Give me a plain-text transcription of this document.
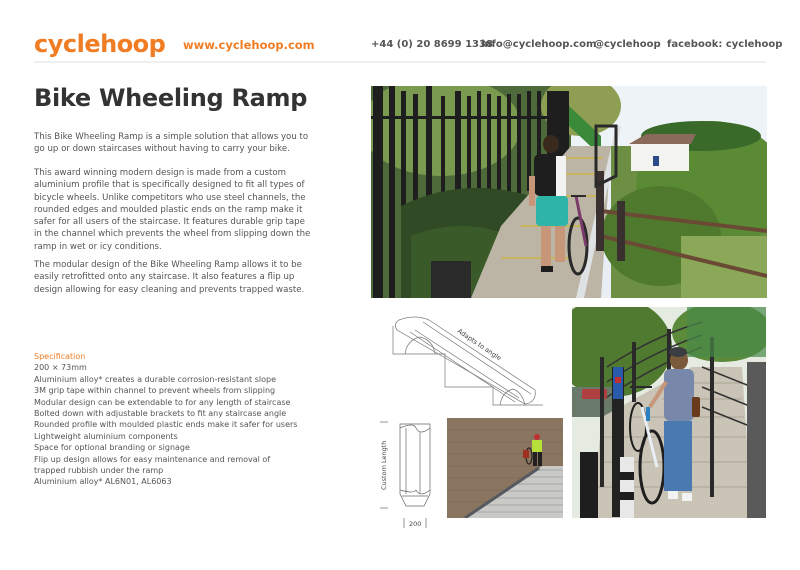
cyclehoop www.cyclehoop.com	+44 (0) 20 8699 1338
info@cyclehoop.com
@cyclehoop facebook: cyclehoop
Bike Wheeling Ramp

This Bike Wheeling Ramp is a simple solution that allows you to go up or down staircases without having to carry your bike.

This award winning modern design is made from a custom aluminium profile that is specifically designed to fit all types of bicycle wheels. Unlike competitors who use steel channels, the rounded edges and moulded plastic ends on the ramp make it safer for all users of the staircase. It features durable grip tape in the channel which prevents the wheel from slipping down the ramp in wet or icy conditions.

The modular design of the Bike Wheeling Ramp allows it to be easily retrofitted onto any staircase. It also features a flip up design allowing for easy cleaning and prevents trapped waste.

Specification
200 × 73mm
Aluminium alloy* creates a durable corrosion-resistant slope
3M grip tape within channel to prevent wheels from slipping
Modular design can be extendable to for any length of staircase
Bolted down with adjustable brackets to fit any staircase angle
Rounded profile with moulded plastic ends make it safer for users
Lightweight aluminium components
Space for optional branding or signage
Flip up design allows for easy maintenance and removal of trapped rubbish under the ramp
Aluminium alloy* AL6N01, AL6063
Adapts to angle
Custom Length
200
